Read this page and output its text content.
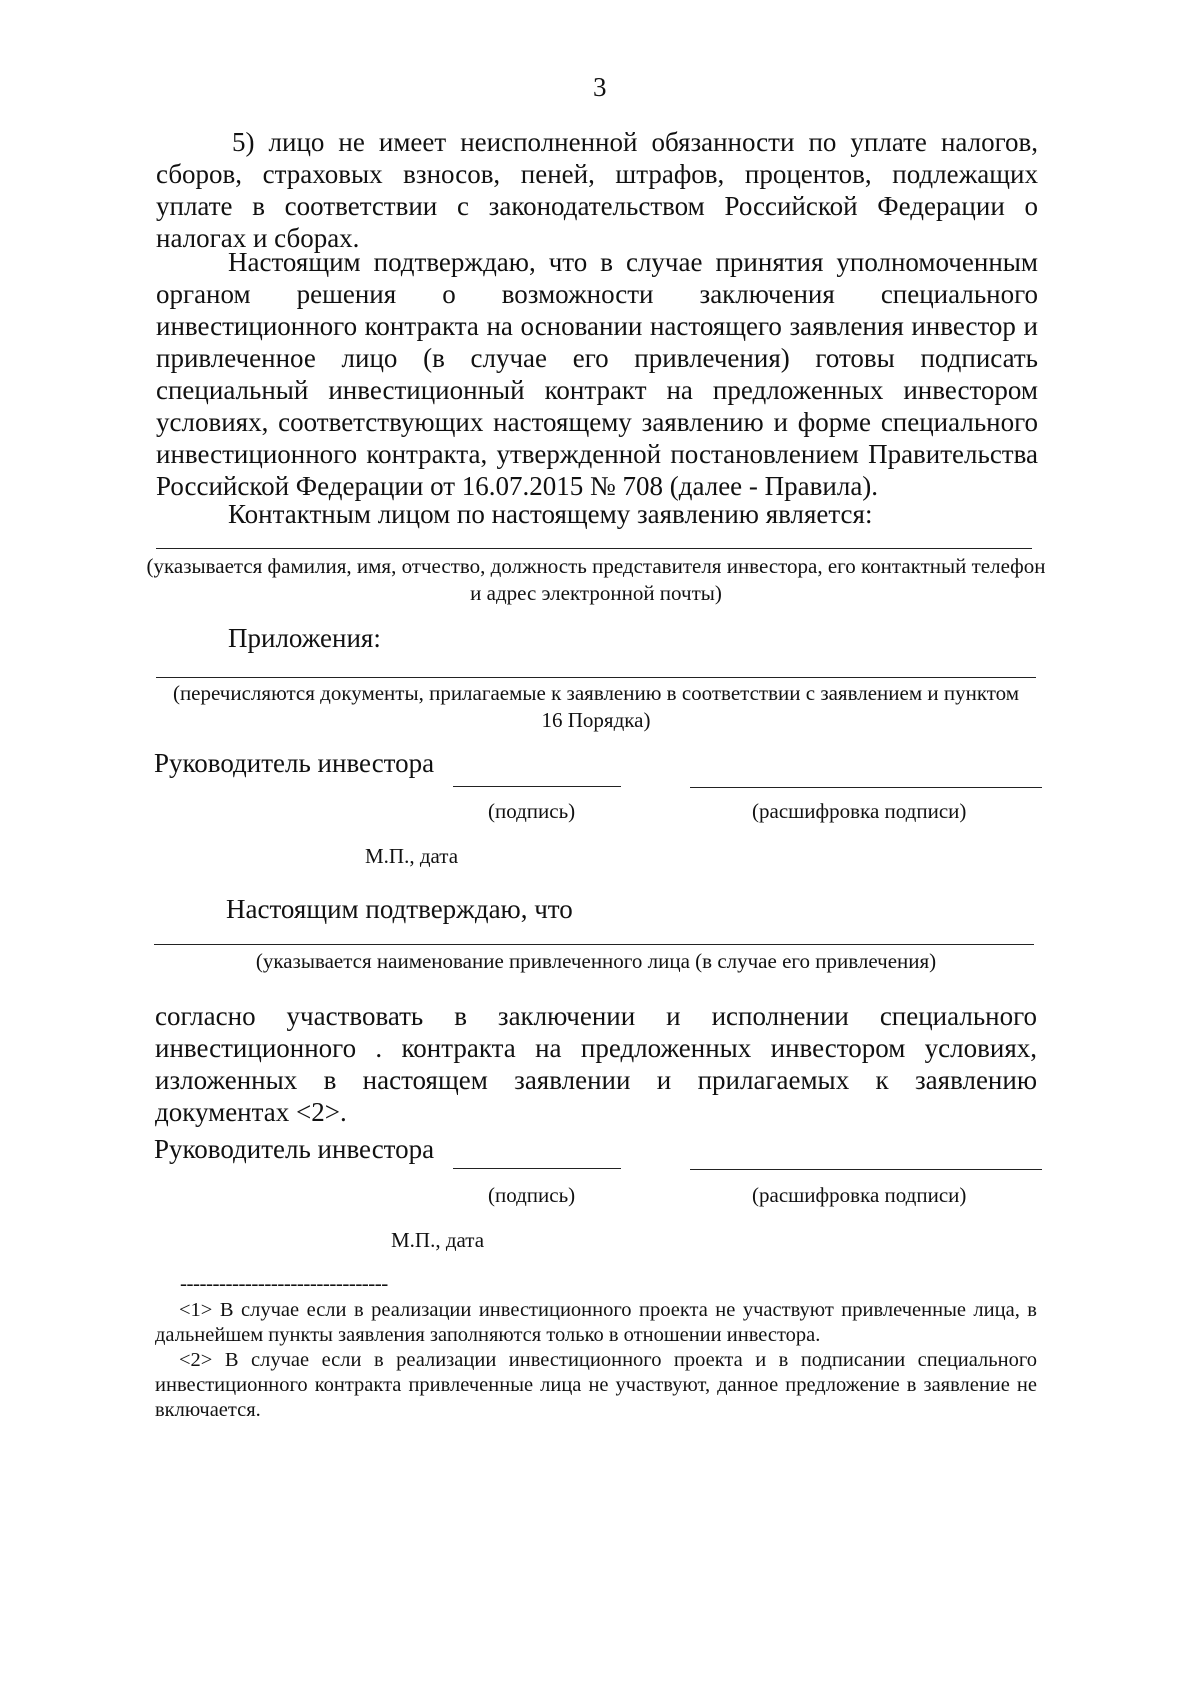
3
5) лицо не имеет неисполненной обязанности по уплате налогов, сборов, страховых взносов, пеней, штрафов, процентов, подлежащих уплате в соответствии с законодательством Российской Федерации о налогах и сборах.
Настоящим подтверждаю, что в случае принятия уполномоченным органом решения о возможности заключения специального инвестиционного контракта на основании настоящего заявления инвестор и привлеченное лицо (в случае его привлечения) готовы подписать специальный инвестиционный контракт на предложенных инвестором условиях, соответствующих настоящему заявлению и форме специального инвестиционного контракта, утвержденной постановлением Правительства Российской Федерации от 16.07.2015 № 708 (далее - Правила).
Контактным лицом по настоящему заявлению является:
(указывается фамилия, имя, отчество, должность представителя инвестора, его контактный телефон и адрес электронной почты)
Приложения:
(перечисляются документы, прилагаемые к заявлению в соответствии с заявлением и пунктом 16 Порядка)
Руководитель инвестора
(подпись)	(расшифровка подписи)
М.П., дата
Настоящим подтверждаю, что
(указывается наименование привлеченного лица (в случае его привлечения)
согласно участвовать в заключении и исполнении специального инвестиционного . контракта на предложенных инвестором условиях, изложенных в настоящем заявлении и прилагаемых к заявлению документах <2>.
Руководитель инвестора
(подпись)	(расшифровка подписи)
М.П., дата
--------------------------------
<1> В случае если в реализации инвестиционного проекта не участвуют привлеченные лица, в дальнейшем пункты заявления заполняются только в отношении инвестора.
<2> В случае если в реализации инвестиционного проекта и в подписании специального инвестиционного контракта привлеченные лица не участвуют, данное предложение в заявление не включается.
